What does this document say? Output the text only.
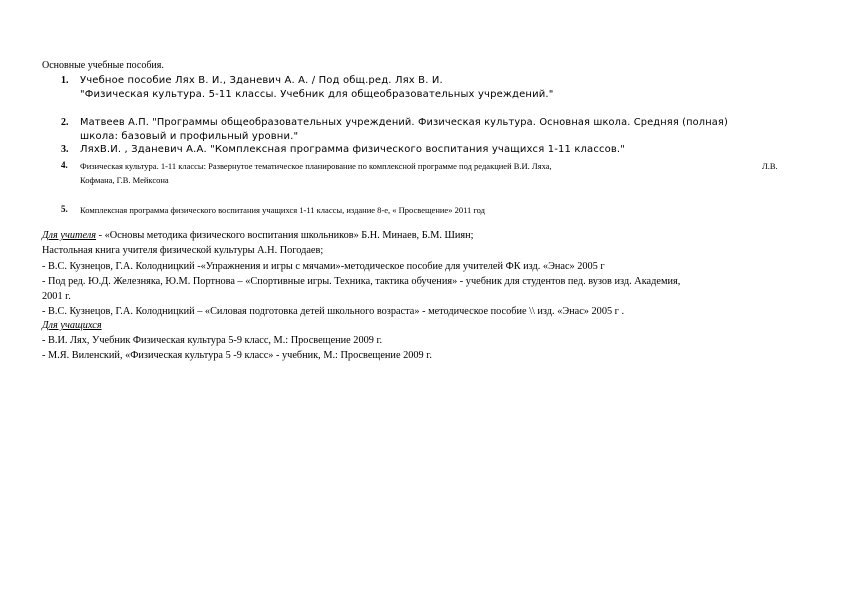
Основные учебные пособия.
1. Учебное пособие Лях В. И., Зданевич А. А. / Под общ.ред. Лях В. И.
"Физическая культура. 5-11 классы. Учебник для общеобразовательных учреждений."
2. Матвеев А.П. "Программы общеобразовательных учреждений. Физическая культура. Основная школа. Средняя (полная)
школа: базовый и профильный уровни."
3. ЛяхВ.И. , Зданевич А.А. "Комплексная программа физического воспитания учащихся 1-11 классов."
4. Физическая культура. 1-11 классы: Развернутое тематическое планирование по комплексной программе под редакцией В.И. Ляха,	Л.В.
Кофмана, Г.В. Мейксона
5. Комплексная программа физического воспитания учащихся 1-11 классы, издание 8-е, « Просвещение» 2011 год
Для учителя - «Основы методика физического воспитания школьников» Б.Н. Минаев, Б.М. Шиян;
Настольная книга учителя физической культуры А.Н. Погодаев;
- В.С. Кузнецов, Г.А. Колодницкий -«Упражнения и игры с мячами»-методическое пособие для учителей ФК изд. «Энас» 2005 г
- Под ред. Ю.Д. Железняка, Ю.М. Портнова – «Спортивные игры. Техника, тактика обучения» - учебник для студентов пед. вузов изд. Академия,
2001 г.
- В.С. Кузнецов, Г.А. Колодницкий – «Силовая подготовка детей школьного возраста» - методическое пособие \\ изд. «Энас» 2005 г .
Для учащихся
- В.И. Лях, Учебник Физическая культура 5-9 класс, М.: Просвещение 2009 г.
- М.Я. Виленский, «Физическая культура 5 -9 класс» - учебник, М.: Просвещение 2009 г.
